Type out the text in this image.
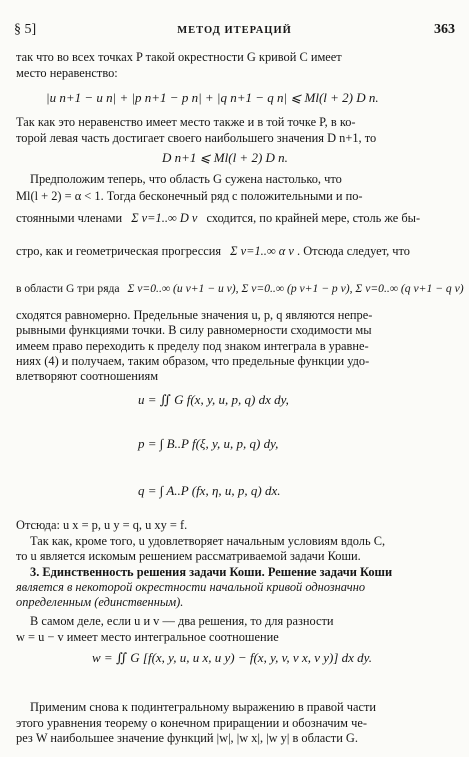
§ 5]	МЕТОД ИТЕРАЦИЙ	363
так что во всех точках P такой окрестности G кривой C имеет
место неравенство:
|u n+1 − u n| + |p n+1 − p n| + |q n+1 − q n| ⩽ Ml(l + 2) D n.
Так как это неравенство имеет место также и в той точке P, в ко-
торой левая часть достигает своего наибольшего значения D n+1, то
D n+1 ⩽ Ml(l + 2) D n.
Предположим теперь, что область G сужена настолько, что
Ml(l + 2) = α < 1. Тогда бесконечный ряд с положительными и по-
стоянными членами Σ ν=1..∞ D ν сходится, по крайней мере, столь же бы-
стро, как и геометрическая прогрессия Σ ν=1..∞ α ν . Отсюда следует, что
в области G три ряда Σ ν=0..∞ (u ν+1 − u ν), Σ ν=0..∞ (p ν+1 − p ν), Σ ν=0..∞ (q ν+1 − q ν)
сходятся равномерно. Предельные значения u, p, q являются непре-
рывными функциями точки. В силу равномерности сходимости мы
имеем право переходить к пределу под знаком интеграла в уравне-
ниях (4) и получаем, таким образом, что предельные функции удо-
влетворяют соотношениям
u = ∬ G f(x, y, u, p, q) dx dy,
p = ∫ B..P f(ξ, y, u, p, q) dy,
q = ∫ A..P (fx, η, u, p, q) dx.
Отсюда: u x = p, u y = q, u xy = f.
Так как, кроме того, u удовлетворяет начальным условиям вдоль C,
то u является искомым решением рассматриваемой задачи Коши.
3. Единственность решения задачи Коши. Решение задачи Коши
является в некоторой окрестности начальной кривой однозначно
определенным (единственным).
В самом деле, если u и v — два решения, то для разности
w = u − v имеет место интегральное соотношение
w = ∬ G [f(x, y, u, u x, u y) − f(x, y, v, v x, v y)] dx dy.
Применим снова к подинтегральному выражению в правой части
этого уравнения теорему о конечном приращении и обозначим че-
рез W наибольшее значение функций |w|, |w x|, |w y| в области G.
